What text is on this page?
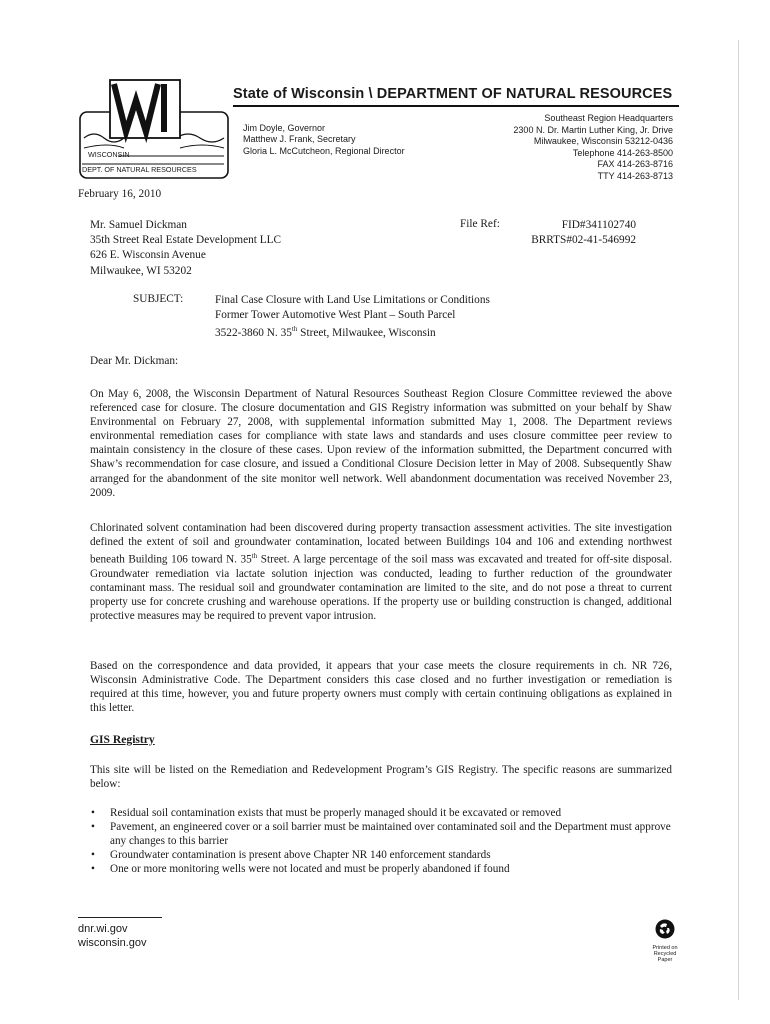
WISCONSIN
DEPT. OF NATURAL RESOURCES
State of Wisconsin \ DEPARTMENT OF NATURAL RESOURCES
Jim Doyle, Governor
Matthew J. Frank, Secretary
Gloria L. McCutcheon, Regional Director
Southeast Region Headquarters
2300 N. Dr. Martin Luther King, Jr. Drive
Milwaukee, Wisconsin 53212-0436
Telephone 414-263-8500
FAX 414-263-8716
TTY 414-263-8713
February 16, 2010
Mr. Samuel Dickman
35th Street Real Estate Development LLC
626 E. Wisconsin Avenue
Milwaukee, WI 53202
File Ref:	FID#341102740
BRRTS#02-41-546992
SUBJECT:	Final Case Closure with Land Use Limitations or Conditions
Former Tower Automotive West Plant – South Parcel
3522-3860 N. 35th Street, Milwaukee, Wisconsin
Dear Mr. Dickman:
On May 6, 2008, the Wisconsin Department of Natural Resources Southeast Region Closure Committee reviewed the above referenced case for closure. The closure documentation and GIS Registry information was submitted on your behalf by Shaw Environmental on February 27, 2008, with supplemental information submitted May 1, 2008. The Department reviews environmental remediation cases for compliance with state laws and standards and uses closure committee peer review to maintain consistency in the closure of these cases. Upon review of the information submitted, the Department concurred with Shaw’s recommendation for case closure, and issued a Conditional Closure Decision letter in May of 2008. Subsequently Shaw arranged for the abandonment of the site monitor well network. Well abandonment documentation was received November 23, 2009.
Chlorinated solvent contamination had been discovered during property transaction assessment activities. The site investigation defined the extent of soil and groundwater contamination, located between Buildings 104 and 106 and extending northwest beneath Building 106 toward N. 35th Street. A large percentage of the soil mass was excavated and treated for off-site disposal. Groundwater remediation via lactate solution injection was conducted, leading to further reduction of the groundwater contaminant mass. The residual soil and groundwater contamination are limited to the site, and do not pose a threat to current property use for concrete crushing and warehouse operations. If the property use or building construction is changed, additional protective measures may be required to prevent vapor intrusion.
Based on the correspondence and data provided, it appears that your case meets the closure requirements in ch. NR 726, Wisconsin Administrative Code. The Department considers this case closed and no further investigation or remediation is required at this time, however, you and future property owners must comply with certain continuing obligations as explained in this letter.
GIS Registry
This site will be listed on the Remediation and Redevelopment Program’s GIS Registry. The specific reasons are summarized below:
• Residual soil contamination exists that must be properly managed should it be excavated or removed
• Pavement, an engineered cover or a soil barrier must be maintained over contaminated soil and the Department must approve any changes to this barrier
• Groundwater contamination is present above Chapter NR 140 enforcement standards
• One or more monitoring wells were not located and must be properly abandoned if found
dnr.wi.gov
wisconsin.gov	Printed on
Recycled
Paper
